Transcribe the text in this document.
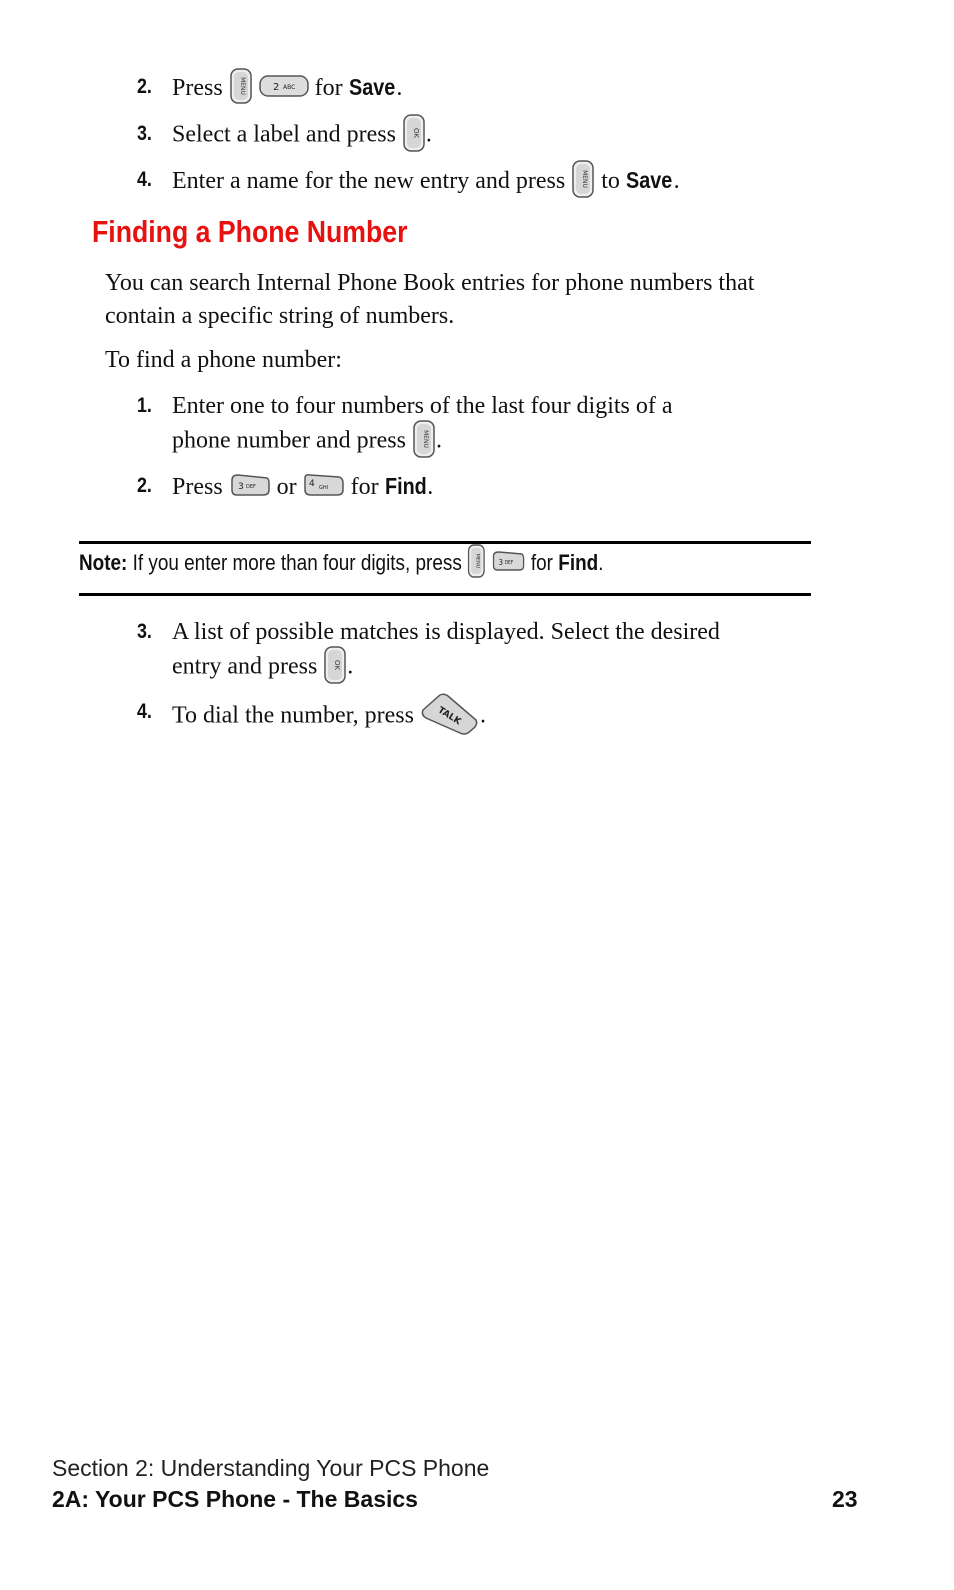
2. Press	MENU
	2 ABC for Save.
3. Select a label and press OK .
4. Enter a name for the new entry and press	MENU to Save.
Finding a Phone Number
You can search Internal Phone Book entries for phone numbers that contain a specific string of numbers.
To find a phone number:
1. Enter one to four numbers of the last four digits of a
phone number and press	MENU .
2. Press 3 DEF or 4 GHI for Find.
Note: If you enter more than four digits, press	MENU
3 DEF for Find.
3. A list of possible matches is displayed. Select the desired
entry and press OK .
4. To dial the number, press TALK .
Section 2: Understanding Your PCS Phone
2A: Your PCS Phone - The Basics	23
